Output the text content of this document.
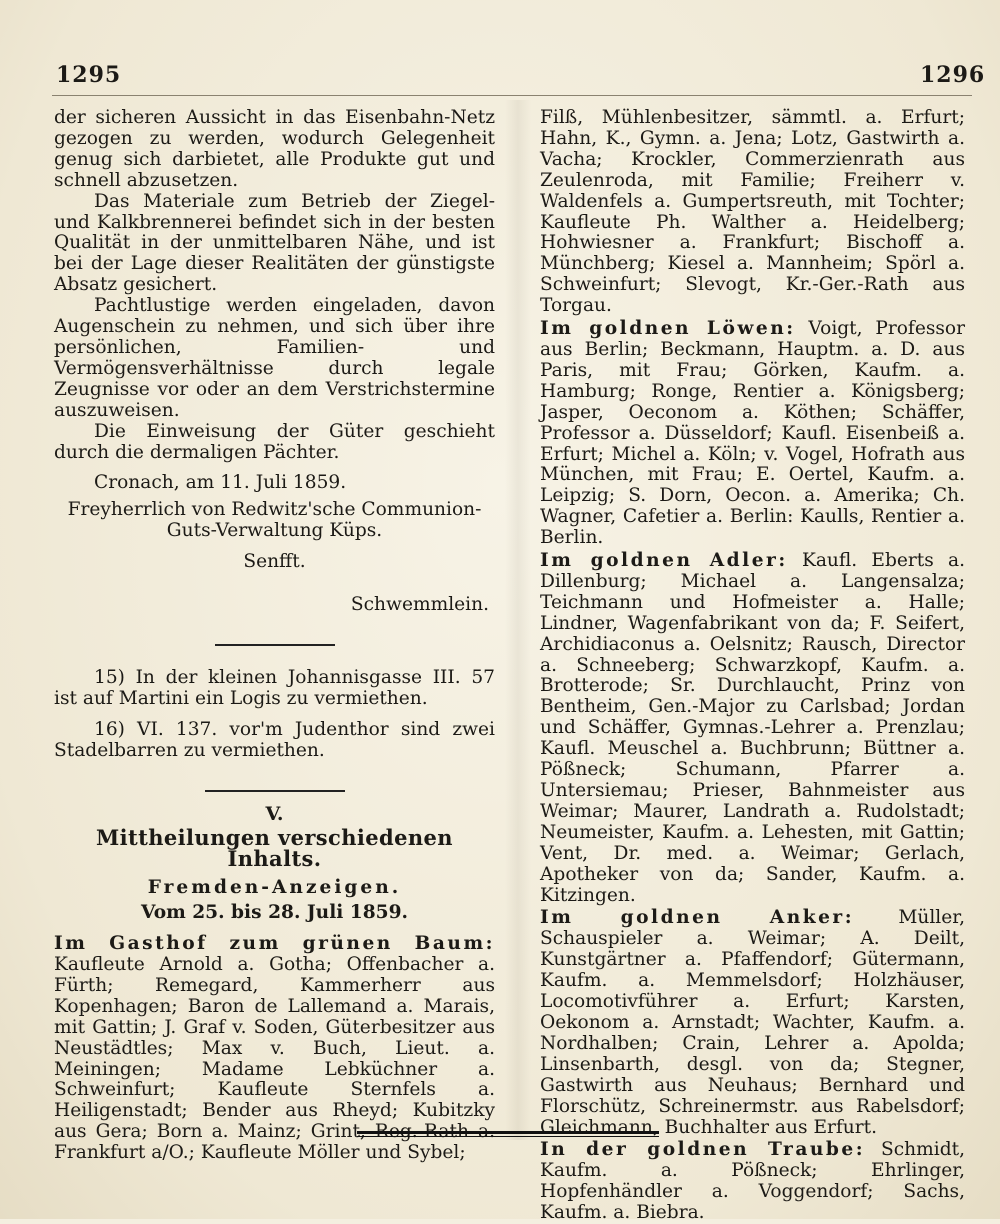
1295	1296

der sicheren Aussicht in das Eisenbahn-Netz gezogen zu werden, wodurch Gelegenheit genug sich darbietet, alle Produkte gut und schnell abzusetzen.

Das Materiale zum Betrieb der Ziegel- und Kalkbrennerei befindet sich in der besten Qualität in der unmittelbaren Nähe, und ist bei der Lage dieser Realitäten der günstigste Absatz gesichert.

Pachtlustige werden eingeladen, davon Augenschein zu nehmen, und sich über ihre persönlichen, Familien- und Vermögensverhältnisse durch legale Zeugnisse vor oder an dem Verstrichstermine auszuweisen.

Die Einweisung der Güter geschieht durch die dermaligen Pächter.

Cronach, am 11. Juli 1859.

Freyherrlich von Redwitz'sche Communion-Guts-Verwaltung Küps.

Senfft.

Schwemmlein.

15) In der kleinen Johannisgasse III. 57 ist auf Martini ein Logis zu vermiethen.

16) VI. 137. vor'm Judenthor sind zwei Stadelbarren zu vermiethen.

V.

Mittheilungen verschiedenen Inhalts.

Fremden-Anzeigen.

Vom 25. bis 28. Juli 1859.

Im Gasthof zum grünen Baum: Kaufleute Arnold a. Gotha; Offenbacher a. Fürth; Remegard, Kammerherr aus Kopenhagen; Baron de Lallemand a. Marais, mit Gattin; J. Graf v. Soden, Güterbesitzer aus Neustädtles; Max v. Buch, Lieut. a. Meiningen; Madame Lebküchner a. Schweinfurt; Kaufleute Sternfels a. Heiligenstadt; Bender aus Rheyd; Kubitzky aus Gera; Born a. Mainz; Grint, Reg.-Rath a. Frankfurt a/O.; Kaufleute Möller und Sybel;

Filß, Mühlenbesitzer, sämmtl. a. Erfurt; Hahn, K., Gymn. a. Jena; Lotz, Gastwirth a. Vacha; Krockler, Commerzienrath aus Zeulenroda, mit Familie; Freiherr v. Waldenfels a. Gumpertsreuth, mit Tochter; Kaufleute Ph. Walther a. Heidelberg; Hohwiesner a. Frankfurt; Bischoff a. Münchberg; Kiesel a. Mannheim; Spörl a. Schweinfurt; Slevogt, Kr.-Ger.-Rath aus Torgau.

Im goldnen Löwen: Voigt, Professor aus Berlin; Beckmann, Hauptm. a. D. aus Paris, mit Frau; Görken, Kaufm. a. Hamburg; Ronge, Rentier a. Königsberg; Jasper, Oeconom a. Köthen; Schäffer, Professor a. Düsseldorf; Kaufl. Eisenbeiß a. Erfurt; Michel a. Köln; v. Vogel, Hofrath aus München, mit Frau; E. Oertel, Kaufm. a. Leipzig; S. Dorn, Oecon. a. Amerika; Ch. Wagner, Cafetier a. Berlin: Kaulls, Rentier a. Berlin.

Im goldnen Adler: Kaufl. Eberts a. Dillenburg; Michael a. Langensalza; Teichmann und Hofmeister a. Halle; Lindner, Wagenfabrikant von da; F. Seifert, Archidiaconus a. Oelsnitz; Rausch, Director a. Schneeberg; Schwarzkopf, Kaufm. a. Brotterode; Sr. Durchlaucht, Prinz von Bentheim, Gen.-Major zu Carlsbad; Jordan und Schäffer, Gymnas.-Lehrer a. Prenzlau; Kaufl. Meuschel a. Buchbrunn; Büttner a. Pößneck; Schumann, Pfarrer a. Untersiemau; Prieser, Bahnmeister aus Weimar; Maurer, Landrath a. Rudolstadt; Neumeister, Kaufm. a. Lehesten, mit Gattin; Vent, Dr. med. a. Weimar; Gerlach, Apotheker von da; Sander, Kaufm. a. Kitzingen.

Im goldnen Anker: Müller, Schauspieler a. Weimar; A. Deilt, Kunstgärtner a. Pfaffendorf; Gütermann, Kaufm. a. Memmelsdorf; Holzhäuser, Locomotivführer a. Erfurt; Karsten, Oekonom a. Arnstadt; Wachter, Kaufm. a. Nordhalben; Crain, Lehrer a. Apolda; Linsenbarth, desgl. von da; Stegner, Gastwirth aus Neuhaus; Bernhard und Florschütz, Schreinermstr. aus Rabelsdorf; Gleichmann, Buchhalter aus Erfurt.

In der goldnen Traube: Schmidt, Kaufm. a. Pößneck; Ehrlinger, Hopfenhändler a. Voggendorf; Sachs, Kaufm. a. Biebra.
